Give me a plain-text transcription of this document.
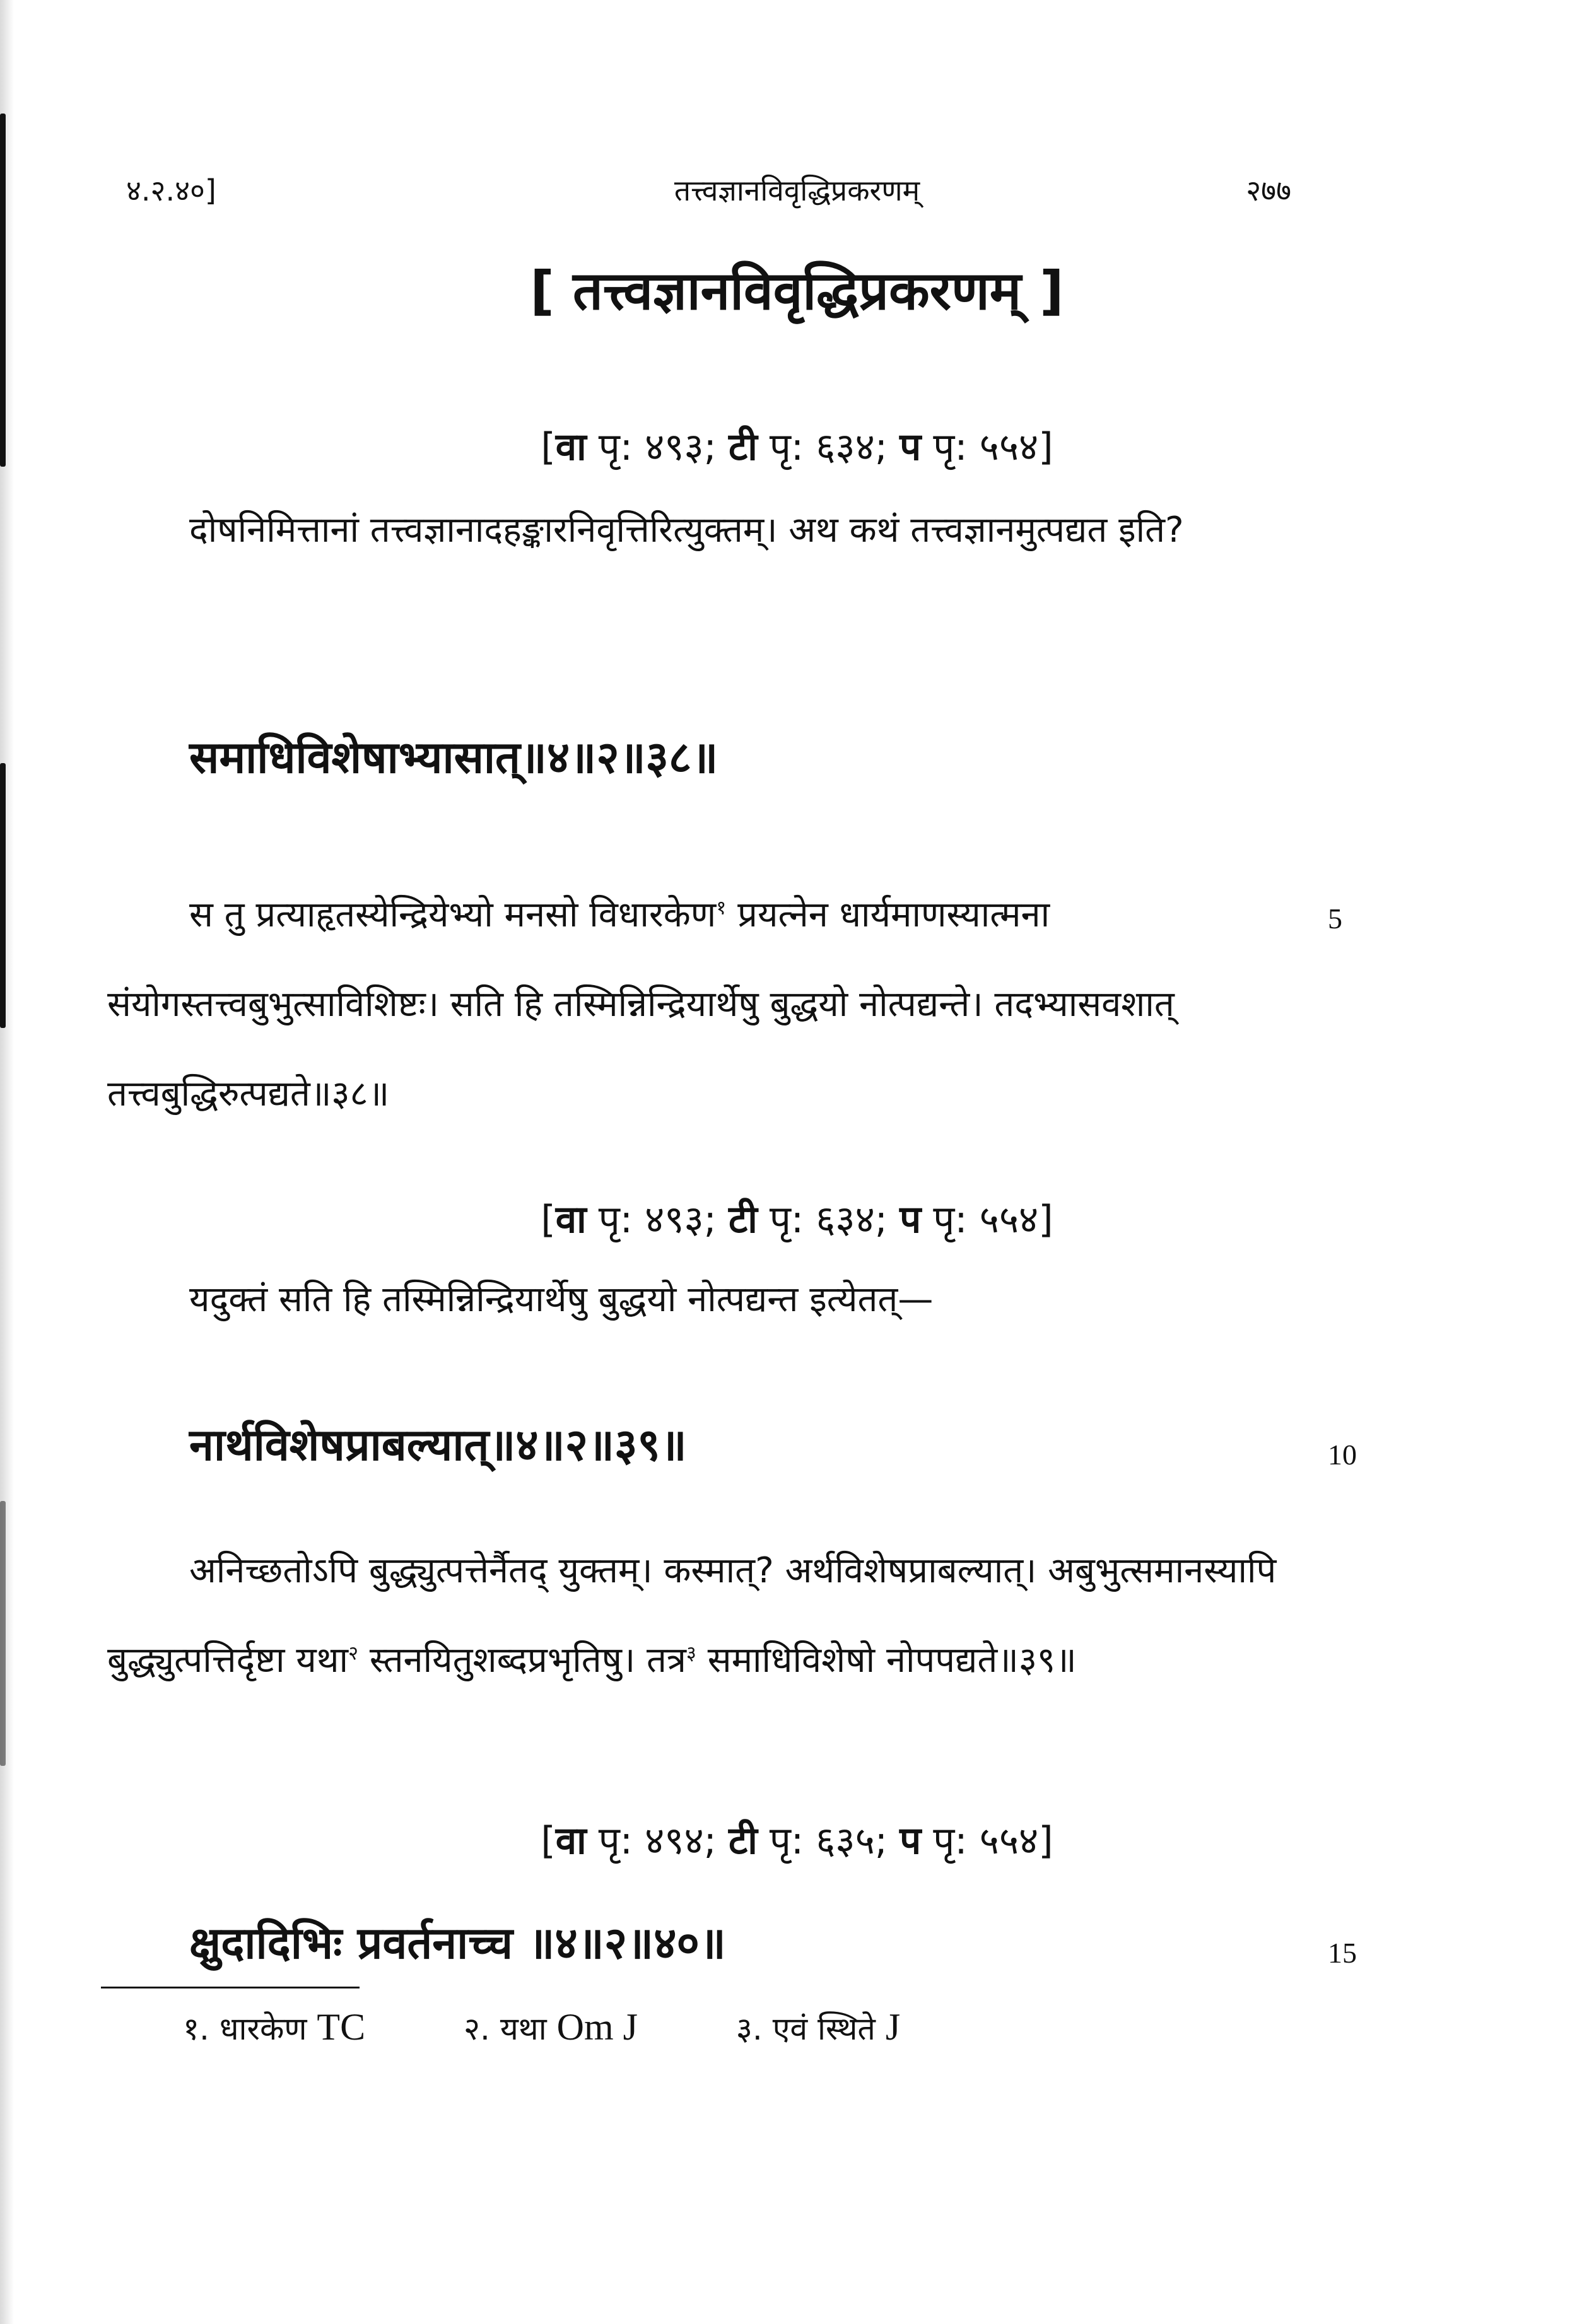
४.२.४०]	तत्त्वज्ञानविवृद्धिप्रकरणम्	२७७
[ तत्त्वज्ञानविवृद्धिप्रकरणम् ]
[वा पृ: ४९३; टी पृ: ६३४; प पृ: ५५४]
दोषनिमित्तानां तत्त्वज्ञानादहङ्कारनिवृत्तिरित्युक्तम्। अथ कथं तत्त्वज्ञानमुत्पद्यत इति?
समाधिविशेषाभ्यासात्॥४॥२॥३८॥
स तु प्रत्याहृतस्येन्द्रियेभ्यो मनसो विधारकेण$^१$ प्रयत्नेन धार्यमाणस्यात्मना संयोगस्तत्त्वबुभुत्साविशिष्टः। सति हि तस्मिन्निन्द्रियार्थेषु बुद्धयो नोत्पद्यन्ते। तदभ्यासवशात् तत्त्वबुद्धिरुत्पद्यते॥३८॥
5
[वा पृ: ४९३; टी पृ: ६३४; प पृ: ५५४]
यदुक्तं सति हि तस्मिन्निन्द्रियार्थेषु बुद्धयो नोत्पद्यन्त इत्येतत्—
नार्थविशेषप्राबल्यात्॥४॥२॥३९॥	10
अनिच्छतोऽपि बुद्ध्युत्पत्तेर्नैतद् युक्तम्। कस्मात्? अर्थविशेषप्राबल्यात्। अबुभुत्समानस्यापि बुद्ध्युत्पत्तिर्दृष्टा यथा$^२$ स्तनयितुशब्दप्रभृतिषु। तत्र$^३$ समाधिविशेषो नोपपद्यते॥३९॥
[वा पृ: ४९४; टी पृ: ६३५; प पृ: ५५४]
क्षुदादिभिः प्रवर्तनाच्च ॥४॥२॥४०॥	15
१. धारकेण TC	२. यथा Om J	३. एवं स्थिते J
